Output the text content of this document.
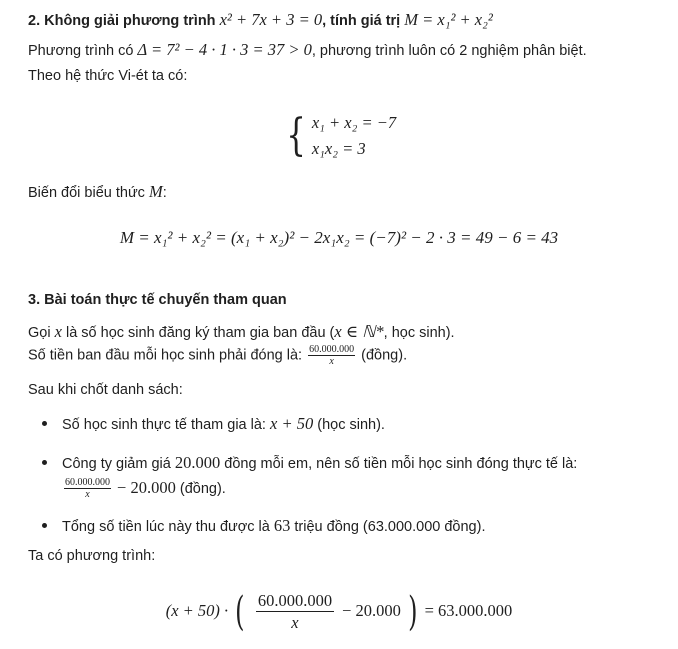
2. Không giải phương trình x² + 7x + 3 = 0, tính giá trị M = x₁² + x₂²
Phương trình có Δ = 7² − 4 · 1 · 3 = 37 > 0, phương trình luôn có 2 nghiệm phân biệt.
Theo hệ thức Vi-ét ta có:
{ x₁ + x₂ = −7
x₁x₂ = 3
Biến đổi biểu thức M:
M = x₁² + x₂² = (x₁ + x₂)² − 2x₁x₂ = (−7)² − 2 · 3 = 49 − 6 = 43
3. Bài toán thực tế chuyến tham quan
Gọi x là số học sinh đăng ký tham gia ban đầu (x ∈ ℕ*, học sinh).
Số tiền ban đầu mỗi học sinh phải đóng là: $\frac{60.000.000}{x}$ (đồng).
Sau khi chốt danh sách:
Số học sinh thực tế tham gia là: x + 50 (học sinh).
Công ty giảm giá 20.000 đồng mỗi em, nên số tiền mỗi học sinh đóng thực tế là:

$\frac{60.000.000}{x} - 20.000$ (đồng).
Tổng số tiền lúc này thu được là 63 triệu đồng (63.000.000 đồng).
Ta có phương trình:
(x + 50) · ( $\frac{60.000.000}{x} - 20.000$ ) = 63.000.000
